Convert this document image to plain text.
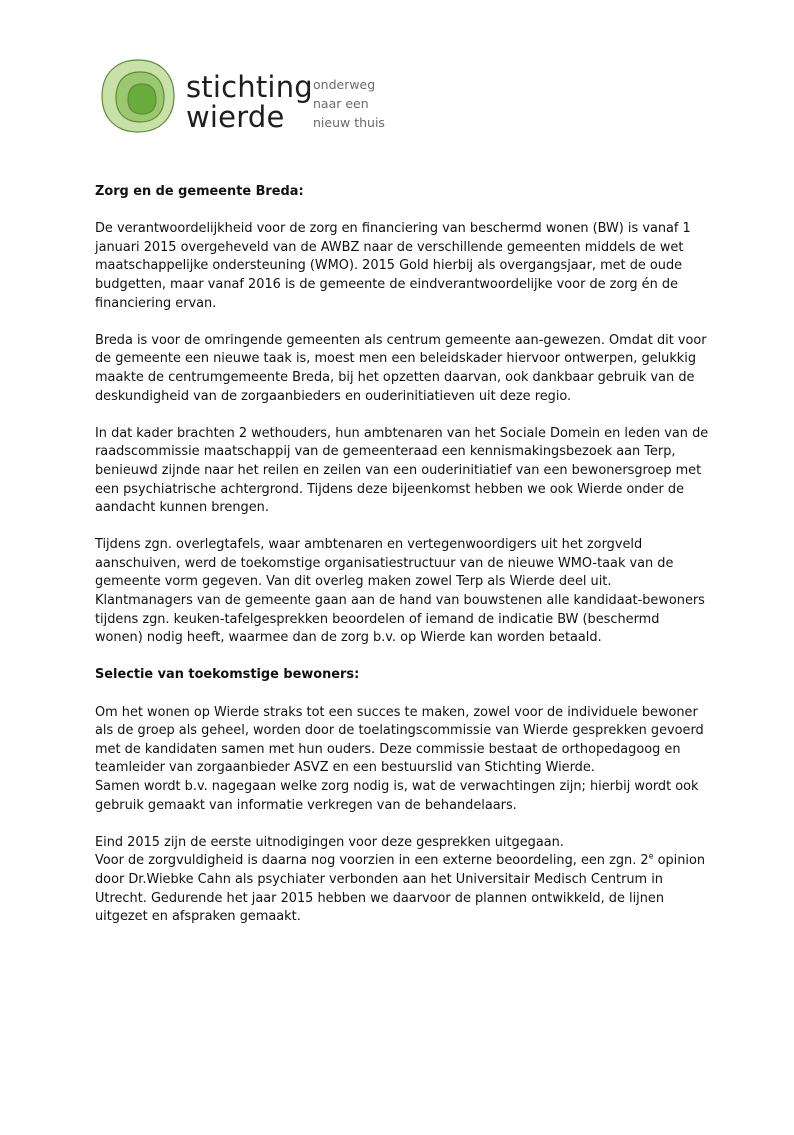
stichting
wierde
onderweg
naar een
nieuw thuis
Zorg en de gemeente Breda:

De verantwoordelijkheid voor de zorg en financiering van beschermd wonen (BW) is vanaf 1 januari 2015 overgeheveld van de AWBZ naar de verschillende gemeenten middels de wet maatschappelijke ondersteuning (WMO). 2015 Gold hierbij als overgangsjaar, met de oude budgetten, maar vanaf 2016 is de gemeente de eindverantwoordelijke voor de zorg én de financiering ervan.

Breda is voor de omringende gemeenten als centrum gemeente aan-gewezen. Omdat dit voor de gemeente een nieuwe taak is, moest men een beleidskader hiervoor ontwerpen, gelukkig maakte de centrumgemeente Breda, bij het opzetten daarvan, ook dankbaar gebruik van de deskundigheid van de zorgaanbieders en ouderinitiatieven uit deze regio.

In dat kader brachten 2 wethouders, hun ambtenaren van het Sociale Domein en leden van de raadscommissie maatschappij van de gemeenteraad een kennismakingsbezoek aan Terp, benieuwd zijnde naar het reilen en zeilen van een ouderinitiatief van een bewonersgroep met een psychiatrische achtergrond. Tijdens deze bijeenkomst hebben we ook Wierde onder de aandacht kunnen brengen.

Tijdens zgn. overlegtafels, waar ambtenaren en vertegenwoordigers uit het zorgveld aanschuiven, werd de toekomstige organisatiestructuur van de nieuwe WMO-taak van de gemeente vorm gegeven. Van dit overleg maken zowel Terp als Wierde deel uit. Klantmanagers van de gemeente gaan aan de hand van bouwstenen alle kandidaat-bewoners tijdens zgn. keuken-tafelgesprekken beoordelen of iemand de indicatie BW (beschermd wonen) nodig heeft, waarmee dan de zorg b.v. op Wierde kan worden betaald.

Selectie van toekomstige bewoners:

Om het wonen op Wierde straks tot een succes te maken, zowel voor de individuele bewoner als de groep als geheel, worden door de toelatingscommissie van Wierde gesprekken gevoerd met de kandidaten samen met hun ouders. Deze commissie bestaat de orthopedagoog en teamleider van zorgaanbieder ASVZ en een bestuurslid van Stichting Wierde.

Samen wordt b.v. nagegaan welke zorg nodig is, wat de verwachtingen zijn; hierbij wordt ook gebruik gemaakt van informatie verkregen van de behandelaars.

Eind 2015 zijn de eerste uitnodigingen voor deze gesprekken uitgegaan.

Voor de zorgvuldigheid is daarna nog voorzien in een externe beoordeling, een zgn. 2e opinion door Dr.Wiebke Cahn als psychiater verbonden aan het Universitair Medisch Centrum in Utrecht. Gedurende het jaar 2015 hebben we daarvoor de plannen ontwikkeld, de lijnen uitgezet en afspraken gemaakt.
